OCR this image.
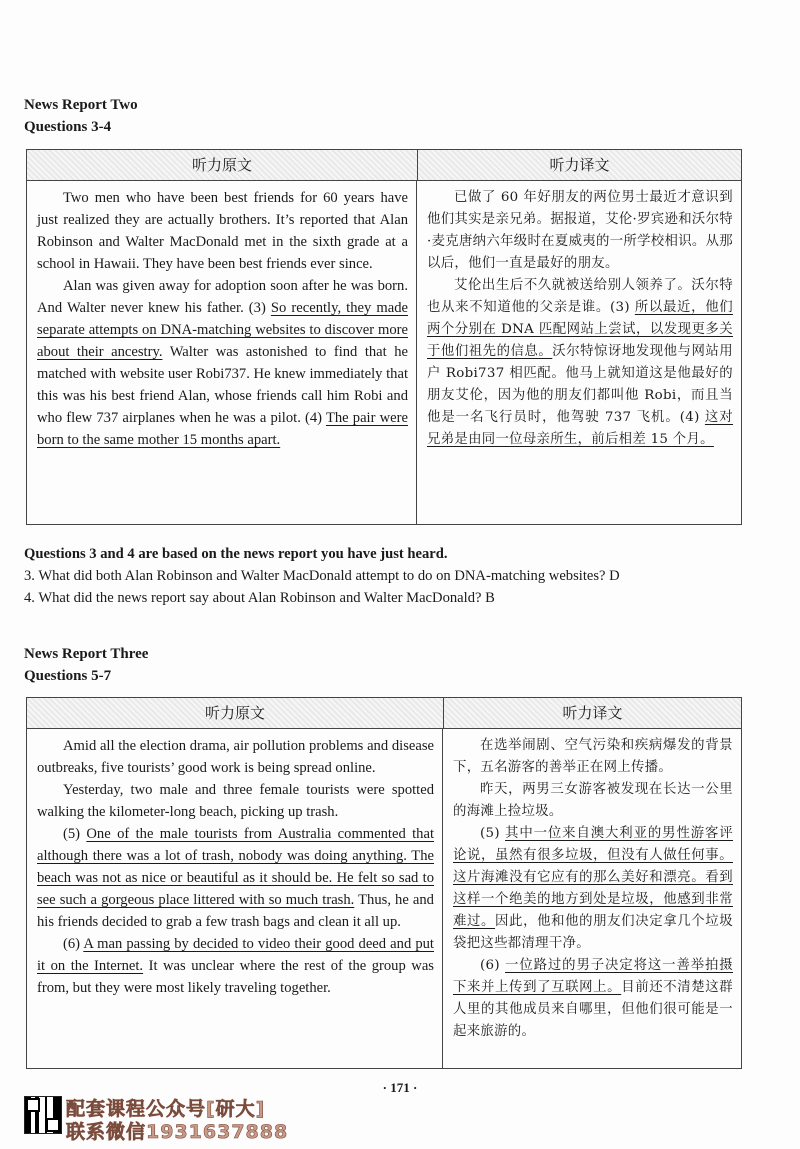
News Report Two
Questions 3-4
听力原文	听力译文

Two men who have been best friends for 60 years have just realized they are actually brothers. It’s reported that Alan Robinson and Walter MacDonald met in the sixth grade at a school in Hawaii. They have been best friends ever since.

Alan was given away for adoption soon after he was born. And Walter never knew his father. (3) So recently, they made separate attempts on DNA-matching websites to discover more about their ancestry. Walter was astonished to find that he matched with website user Robi737. He knew immediately that this was his best friend Alan, whose friends call him Robi and who flew 737 airplanes when he was a pilot. (4) The pair were born to the same mother 15 months apart.

已做了 60 年好朋友的两位男士最近才意识到他们其实是亲兄弟。据报道，艾伦·罗宾逊和沃尔特·麦克唐纳六年级时在夏威夷的一所学校相识。从那以后，他们一直是最好的朋友。

艾伦出生后不久就被送给别人领养了。沃尔特也从来不知道他的父亲是谁。(3) 所以最近，他们两个分别在 DNA 匹配网站上尝试，以发现更多关于他们祖先的信息。沃尔特惊讶地发现他与网站用户 Robi737 相匹配。他马上就知道这是他最好的朋友艾伦，因为他的朋友们都叫他 Robi，而且当他是一名飞行员时，他驾驶 737 飞机。(4) 这对兄弟是由同一位母亲所生，前后相差 15 个月。

Questions 3 and 4 are based on the news report you have just heard.
3. What did both Alan Robinson and Walter MacDonald attempt to do on DNA-matching websites? D
4. What did the news report say about Alan Robinson and Walter MacDonald? B
News Report Three
Questions 5-7
听力原文	听力译文

Amid all the election drama, air pollution problems and disease outbreaks, five tourists’ good work is being spread online.

Yesterday, two male and three female tourists were spotted walking the kilometer-long beach, picking up trash.

(5) One of the male tourists from Australia commented that although there was a lot of trash, nobody was doing anything. The beach was not as nice or beautiful as it should be. He felt so sad to see such a gorgeous place littered with so much trash. Thus, he and his friends decided to grab a few trash bags and clean it all up.

(6) A man passing by decided to video their good deed and put it on the Internet. It was unclear where the rest of the group was from, but they were most likely traveling together.

在选举闹剧、空气污染和疾病爆发的背景下，五名游客的善举正在网上传播。

昨天，两男三女游客被发现在长达一公里的海滩上捡垃圾。

(5) 其中一位来自澳大利亚的男性游客评论说，虽然有很多垃圾，但没有人做任何事。这片海滩没有它应有的那么美好和漂亮。看到这样一个绝美的地方到处是垃圾，他感到非常难过。因此，他和他的朋友们决定拿几个垃圾袋把这些都清理干净。

(6) 一位路过的男子决定将这一善举拍摄下来并上传到了互联网上。目前还不清楚这群人里的其他成员来自哪里，但他们很可能是一起来旅游的。

· 171 ·
配套课程公众号[研大]
联系微信1931637888
